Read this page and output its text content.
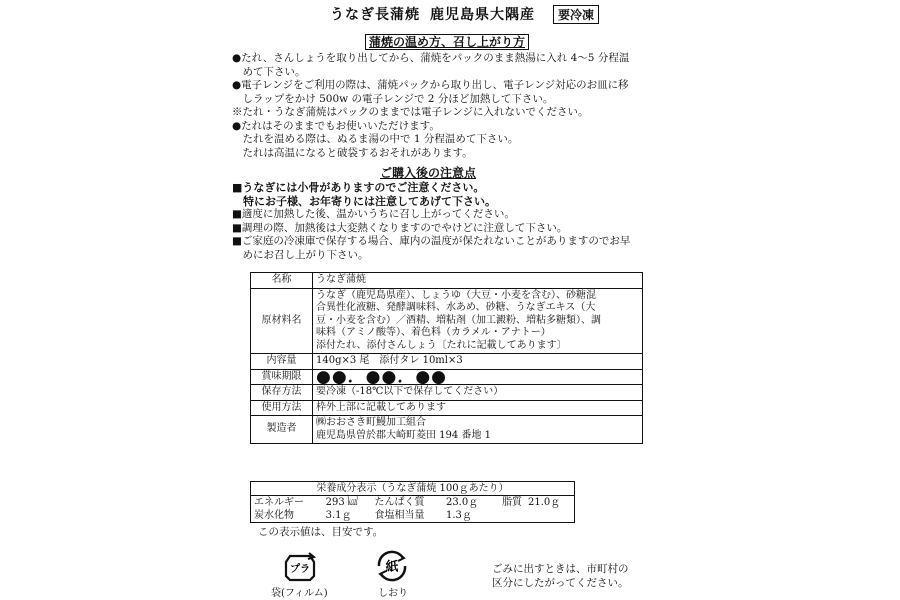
うなぎ長蒲焼 鹿児島県大隅産	要冷凍
蒲焼の温め方、召し上がり方
●たれ、さんしょうを取り出してから、蒲焼をパックのまま熱湯に入れ 4～5 分程温
　めて下さい。
●電子レンジをご利用の際は、蒲焼パックから取り出し、電子レンジ対応のお皿に移
　しラップをかけ 500w の電子レンジで 2 分ほど加熱して下さい。
※たれ・うなぎ蒲焼はパックのままでは電子レンジに入れないでください。
●たれはそのままでもお使いいただけます。
　たれを温める際は、ぬるま湯の中で 1 分程温めて下さい。
　たれは高温になると破袋するおそれがあります。
ご購入後の注意点
■うなぎには小骨がありますのでご注意ください。
　特にお子様、お年寄りには注意してあげて下さい。
■適度に加熱した後、温かいうちに召し上がってください。
■調理の際、加熱後は大変熱くなりますのでやけどに注意して下さい。
■ご家庭の冷凍庫で保存する場合、庫内の温度が保たれないことがありますのでお早
　めにお召し上がり下さい。
名称	うなぎ蒲焼
原材料名	うなぎ（鹿児島県産）、しょうゆ（大豆・小麦を含む）、砂糖混
合異性化液糖、発酵調味料、水あめ、砂糖、うなぎエキス（大
豆・小麦を含む）／酒精、増粘剤（加工澱粉、増粘多糖類）、調
味料（アミノ酸等）、着色料（カラメル・アナトー）
添付たれ、添付さんしょう〔たれに記載してあります〕

内容量	140g×3 尾　添付タレ 10ml×3
賞味期限	●●．●●．●●
保存方法	要冷凍（-18℃以下で保存してください）
使用方法	枠外上部に記載してあります
製造者	㈱おおさき町鰻加工組合
鹿児島県曽於郡大崎町菱田 194 番地 1
栄養成分表示（うなぎ蒲焼 100ｇあたり）					
エネルギー	293 ㎉	たんぱく質	23.0ｇ	脂質	21.0ｇ
炭水化物	3.1ｇ	食塩相当量	1.3ｇ		
この表示値は、目安です。
プラ
袋(フィルム)
紙
しおり
ごみに出すときは、市町村の
区分にしたがってください。
